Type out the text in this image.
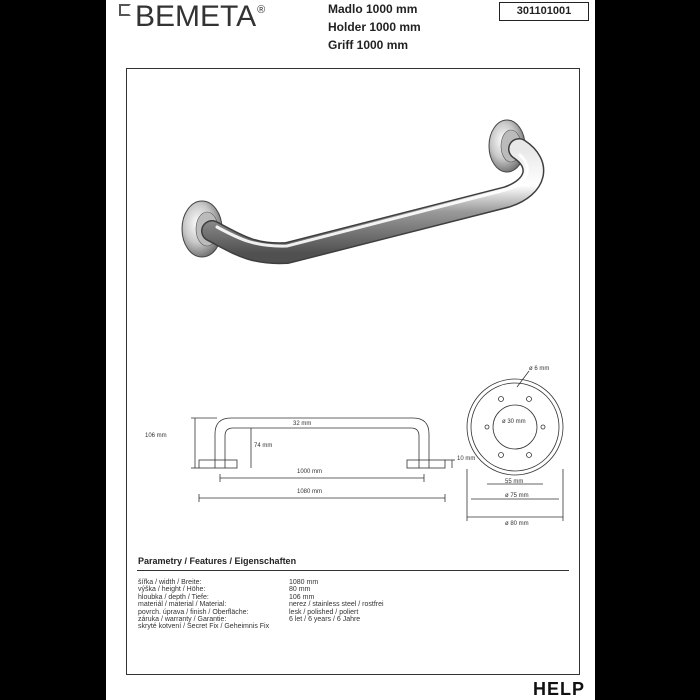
BEMETA ®	Madlo 1000 mm
Holder 1000 mm
Griff 1000 mm
301101001
106 mm
74 mm
32 mm
1000 mm
1080 mm
10 mm
ø 6 mm
ø 30 mm
55 mm
ø 75 mm
ø 80 mm
Parametry / Features / Eigenschaften
šířka / width / Breite:	1080 mm
výška / height / Höhe:	80 mm
hloubka / depth / Tiefe:	106 mm
materiál / material / Material:	nerez / stainless steel / rostfrei
povrch. úprava / finish / Oberfläche:	lesk / polished / poliert
záruka / warranty / Garantie:	6 let / 6 years / 6 Jahre
skryté kotvení / Secret Fix / Geheimnis Fix
HELP
